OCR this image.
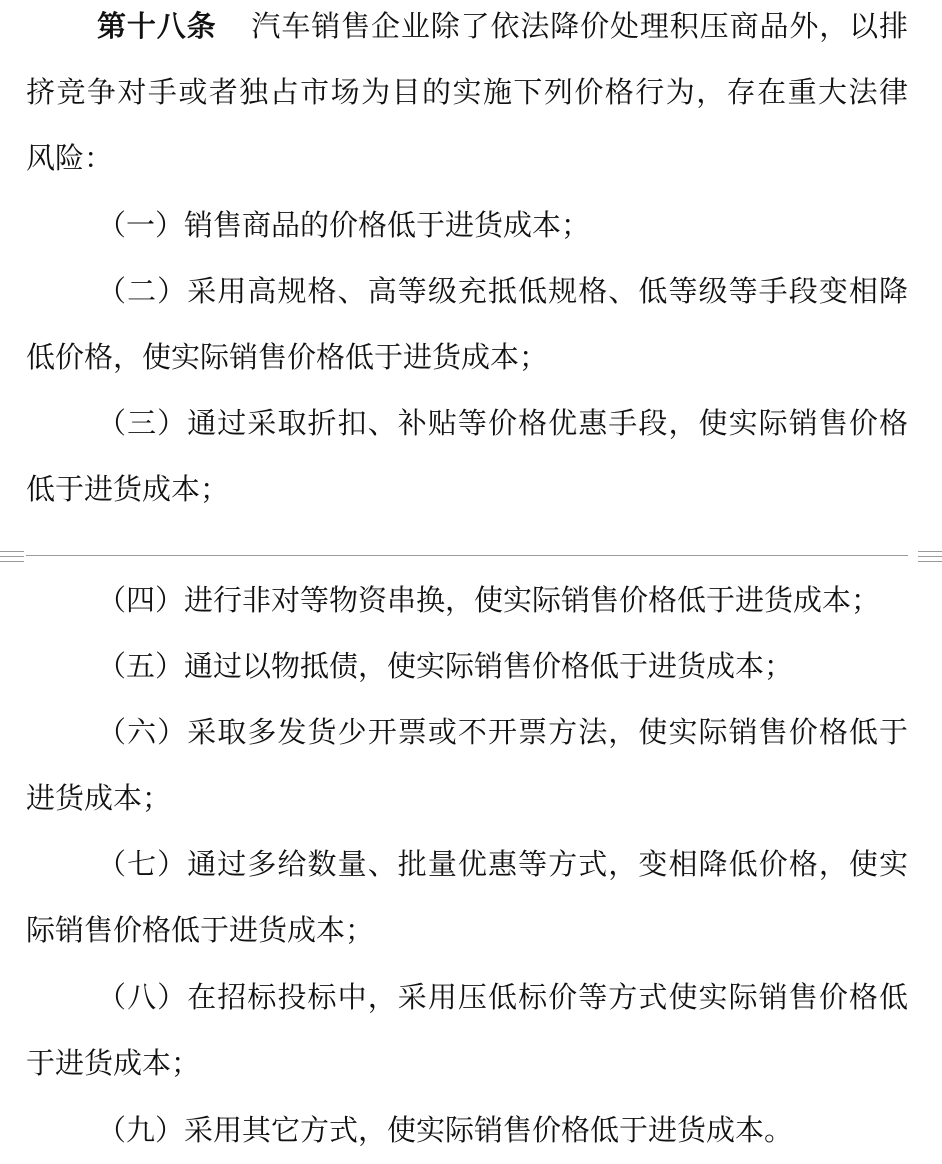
第十八条 汽车销售企业除了依法降价处理积压商品外，以排
挤竞争对手或者独占市场为目的实施下列价格行为，存在重大法律
风险：
（一）销售商品的价格低于进货成本；
（二）采用高规格、高等级充抵低规格、低等级等手段变相降
低价格，使实际销售价格低于进货成本；
（三）通过采取折扣、补贴等价格优惠手段，使实际销售价格
低于进货成本；
（四）进行非对等物资串换，使实际销售价格低于进货成本；
（五）通过以物抵债，使实际销售价格低于进货成本；
（六）采取多发货少开票或不开票方法，使实际销售价格低于
进货成本；
（七）通过多给数量、批量优惠等方式，变相降低价格，使实
际销售价格低于进货成本；
（八）在招标投标中，采用压低标价等方式使实际销售价格低
于进货成本；
（九）采用其它方式，使实际销售价格低于进货成本。
